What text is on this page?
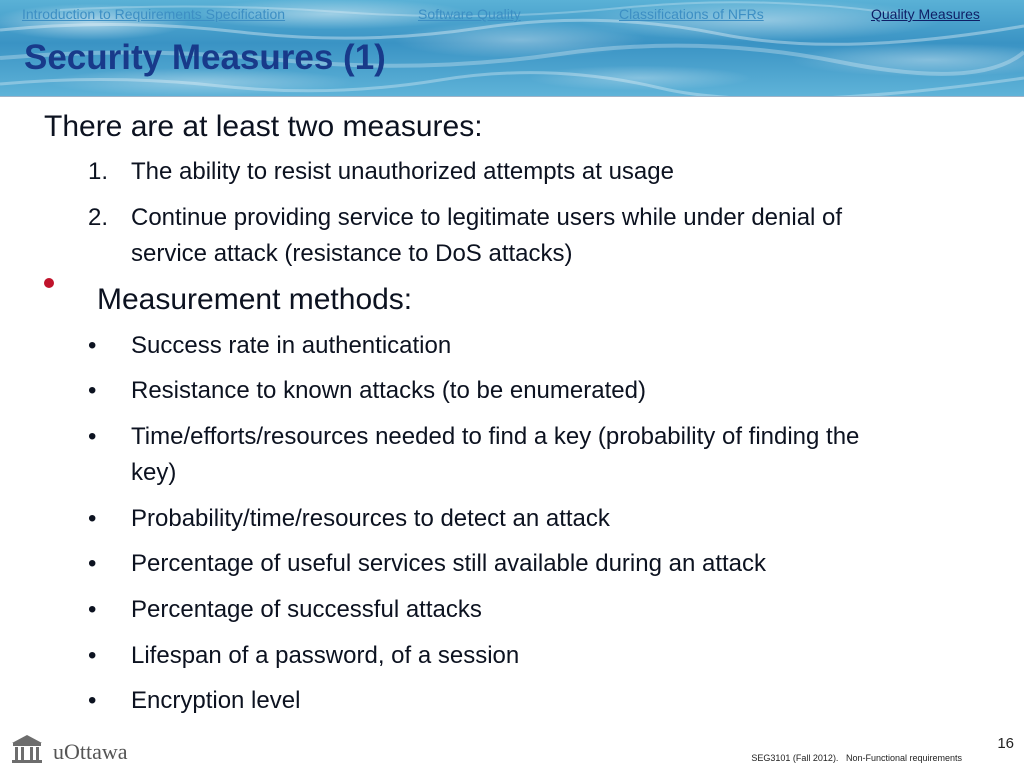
Introduction to Requirements Specification	Software Quality	Classifications of NFRs	Quality Measures
Security Measures (1)
There are at least two measures:
1. The ability to resist unauthorized attempts at usage
2. Continue providing service to legitimate users while under denial of
service attack (resistance to DoS attacks)
Measurement methods:
• Success rate in authentication
• Resistance to known attacks (to be enumerated)
• Time/efforts/resources needed to find a key (probability of finding the
key)
• Probability/time/resources to detect an attack
• Percentage of useful services still available during an attack
• Percentage of successful attacks
• Lifespan of a password, of a session
• Encryption level
uOttawa	16
SEG3101 (Fall 2012).   Non-Functional requirements
